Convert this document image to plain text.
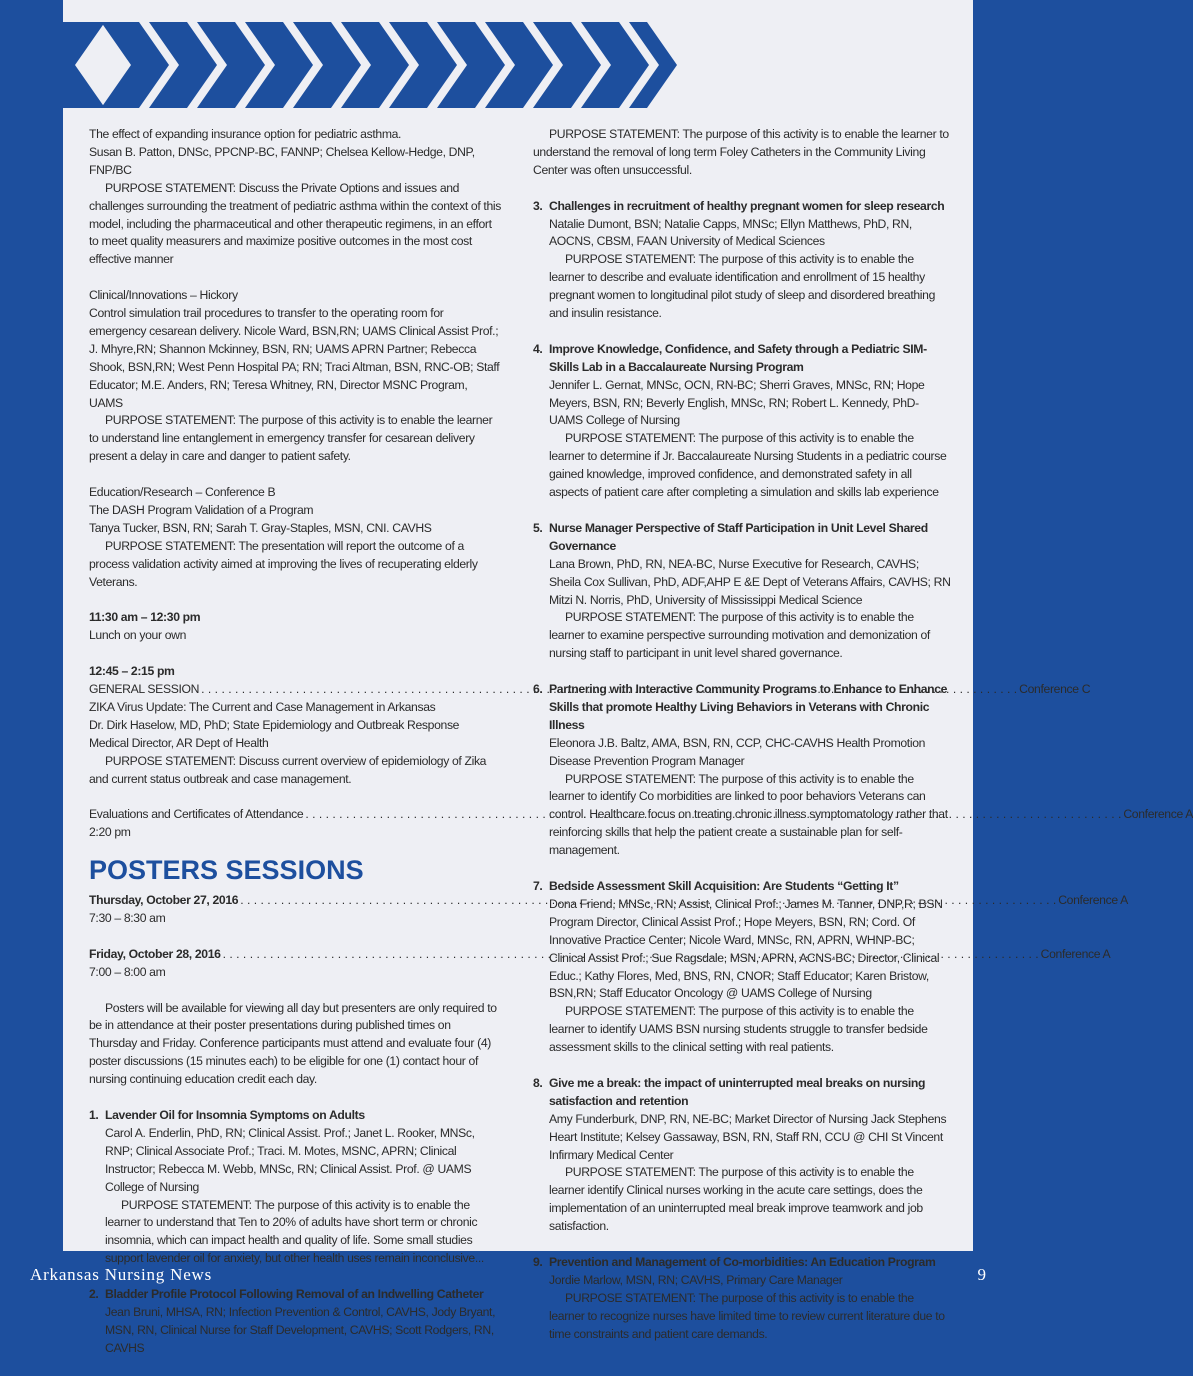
The effect of expanding insurance option for pediatric asthma.

Susan B. Patton, DNSc, PPCNP-BC, FANNP; Chelsea Kellow-Hedge, DNP, FNP/BC

PURPOSE STATEMENT: Discuss the Private Options and issues and challenges surrounding the treatment of pediatric asthma within the context of this model, including the pharmaceutical and other therapeutic regimens, in an effort to meet quality measurers and maximize positive outcomes in the most cost effective manner

Clinical/Innovations – Hickory

Control simulation trail procedures to transfer to the operating room for emergency cesarean delivery. Nicole Ward, BSN,RN; UAMS Clinical Assist Prof.; J. Mhyre,RN; Shannon Mckinney, BSN, RN; UAMS APRN Partner; Rebecca Shook, BSN,RN; West Penn Hospital PA; RN; Traci Altman, BSN, RNC-OB; Staff Educator; M.E. Anders, RN; Teresa Whitney, RN, Director MSNC Program, UAMS

PURPOSE STATEMENT: The purpose of this activity is to enable the learner to understand line entanglement in emergency transfer for cesarean delivery present a delay in care and danger to patient safety.

Education/Research – Conference B

The DASH Program Validation of a Program

Tanya Tucker, BSN, RN; Sarah T. Gray-Staples, MSN, CNI. CAVHS

PURPOSE STATEMENT: The presentation will report the outcome of a process validation activity aimed at improving the lives of recuperating elderly Veterans.

11:30 am – 12:30 pm

Lunch on your own

12:45 – 2:15 pm

GENERAL SESSION . . .	Conference C

ZIKA Virus Update: The Current and Case Management in Arkansas

Dr. Dirk Haselow, MD, PhD; State Epidemiology and Outbreak Response Medical Director, AR Dept of Health

PURPOSE STATEMENT: Discuss current overview of epidemiology of Zika and current status outbreak and case management.

Evaluations and Certificates of Attendance . . .	Conference A

2:20 pm

POSTERS SESSIONS
Thursday, October 27, 2016 . . .	Conference A

7:30 – 8:30 am

Friday, October 28, 2016 . . .	Conference A

7:00 – 8:00 am

Posters will be available for viewing all day but presenters are only required to be in attendance at their poster presentations during published times on Thursday and Friday. Conference participants must attend and evaluate four (4) poster discussions (15 minutes each) to be eligible for one (1) contact hour of nursing continuing education credit each day.

1. Lavender Oil for Insomnia Symptoms on Adults

Carol A. Enderlin, PhD, RN; Clinical Assist. Prof.; Janet L. Rooker, MNSc, RNP; Clinical Associate Prof.; Traci. M. Motes, MSNC, APRN; Clinical Instructor; Rebecca M. Webb, MNSc, RN; Clinical Assist. Prof. @ UAMS College of Nursing

PURPOSE STATEMENT: The purpose of this activity is to enable the learner to understand that Ten to 20% of adults have short term or chronic insomnia, which can impact health and quality of life. Some small studies support lavender oil for anxiety, but other health uses remain inconclusive...

2. Bladder Profile Protocol Following Removal of an Indwelling Catheter

Jean Bruni, MHSA, RN; Infection Prevention & Control, CAVHS, Jody Bryant, MSN, RN, Clinical Nurse for Staff Development, CAVHS; Scott Rodgers, RN, CAVHS

PURPOSE STATEMENT: The purpose of this activity is to enable the learner to understand the removal of long term Foley Catheters in the Community Living Center was often unsuccessful.

3. Challenges in recruitment of healthy pregnant women for sleep research

Natalie Dumont, BSN; Natalie Capps, MNSc; Ellyn Matthews, PhD, RN, AOCNS, CBSM, FAAN University of Medical Sciences

PURPOSE STATEMENT: The purpose of this activity is to enable the learner to describe and evaluate identification and enrollment of 15 healthy pregnant women to longitudinal pilot study of sleep and disordered breathing and insulin resistance.

4. Improve Knowledge, Confidence, and Safety through a Pediatric SIM-Skills Lab in a Baccalaureate Nursing Program

Jennifer L. Gernat, MNSc, OCN, RN-BC; Sherri Graves, MNSc, RN; Hope Meyers, BSN, RN; Beverly English, MNSc, RN; Robert L. Kennedy, PhD-UAMS College of Nursing

PURPOSE STATEMENT: The purpose of this activity is to enable the learner to determine if Jr. Baccalaureate Nursing Students in a pediatric course gained knowledge, improved confidence, and demonstrated safety in all aspects of patient care after completing a simulation and skills lab experience

5. Nurse Manager Perspective of Staff Participation in Unit Level Shared Governance

Lana Brown, PhD, RN, NEA-BC, Nurse Executive for Research, CAVHS; Sheila Cox Sullivan, PhD, ADF,AHP E &E Dept of Veterans Affairs, CAVHS; RN Mitzi N. Norris, PhD, University of Mississippi Medical Science

PURPOSE STATEMENT: The purpose of this activity is to enable the learner to examine perspective surrounding motivation and demonization of nursing staff to participant in unit level shared governance.

6. Partnering with Interactive Community Programs to Enhance to Enhance Skills that promote Healthy Living Behaviors in Veterans with Chronic Illness

Eleonora J.B. Baltz, AMA, BSN, RN, CCP, CHC-CAVHS Health Promotion Disease Prevention Program Manager

PURPOSE STATEMENT: The purpose of this activity is to enable the learner to identify Co morbidities are linked to poor behaviors Veterans can control. Healthcare focus on treating chronic illness symptomatology rather that reinforcing skills that help the patient create a sustainable plan for self-management.

7. Bedside Assessment Skill Acquisition: Are Students “Getting It”

Dona Friend, MNSc, RN; Assist, Clinical Prof.; James M. Tanner, DNP,R; BSN Program Director, Clinical Assist Prof.; Hope Meyers, BSN, RN; Cord. Of Innovative Practice Center; Nicole Ward, MNSc, RN, APRN, WHNP-BC; Clinical Assist Prof.; Sue Ragsdale, MSN, APRN, ACNS-BC; Director, Clinical Educ.; Kathy Flores, Med, BNS, RN, CNOR; Staff Educator; Karen Bristow, BSN,RN; Staff Educator Oncology @ UAMS College of Nursing

PURPOSE STATEMENT: The purpose of this activity is to enable the learner to identify UAMS BSN nursing students struggle to transfer bedside assessment skills to the clinical setting with real patients.

8. Give me a break: the impact of uninterrupted meal breaks on nursing satisfaction and retention

Amy Funderburk, DNP, RN, NE-BC; Market Director of Nursing Jack Stephens Heart Institute; Kelsey Gassaway, BSN, RN, Staff RN, CCU @ CHI St Vincent Infirmary Medical Center

PURPOSE STATEMENT: The purpose of this activity is to enable the learner identify Clinical nurses working in the acute care settings, does the implementation of an uninterrupted meal break improve teamwork and job satisfaction.

9. Prevention and Management of Co-morbidities: An Education Program

Jordie Marlow, MSN, RN; CAVHS, Primary Care Manager

PURPOSE STATEMENT: The purpose of this activity is to enable the learner to recognize nurses have limited time to review current literature due to time constraints and patient care demands.

Arkansas Nursing News	9
